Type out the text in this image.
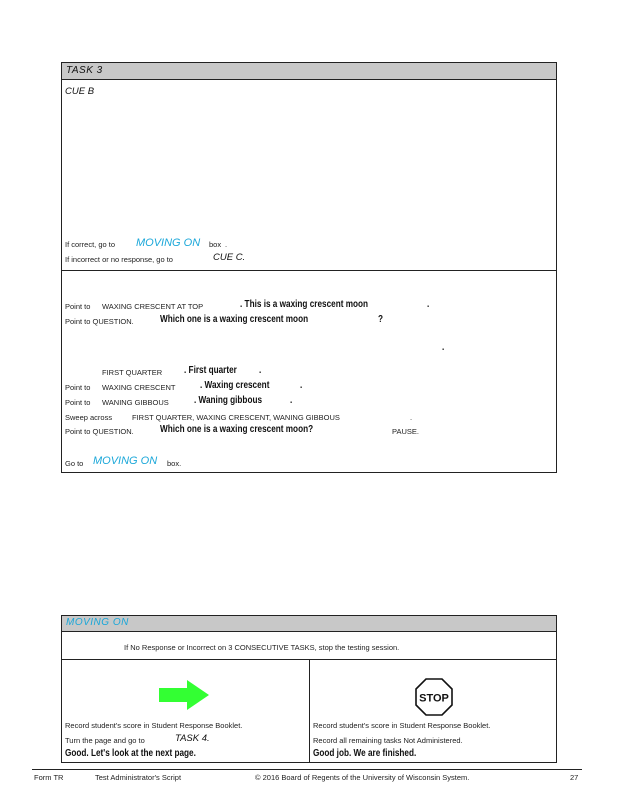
TASK 3
CUE B
If correct, go to MOVING ON box .
If incorrect or no response, go to	CUE C.
Point to WAXING CRESCENT AT TOP	. This is a waxing crescent moon	.
Point to QUESTION.	Which one is a waxing crescent moon	?
.
FIRST QUARTER . First quarter .
Point to WAXING CRESCENT . Waxing crescent	.
Point to WANING GIBBOUS	. Waning gibbous	.
Sweep across	FIRST QUARTER, WAXING CRESCENT, WANING GIBBOUS	.
Point to QUESTION.	Which one is a waxing crescent moon?	PAUSE.
Go to MOVING ON box.
MOVING ON
If No Response or Incorrect on 3 CONSECUTIVE TASKS, stop the testing session.
Record student's score in Student Response Booklet.
Turn the page and go to	TASK 4.
Good. Let's look at the next page.
STOP
Record student's score in Student Response Booklet.
Record all remaining tasks Not Administered.
Good job. We are finished.
Form TR	Test Administrator's Script	© 2016 Board of Regents of the University of Wisconsin System.	27
